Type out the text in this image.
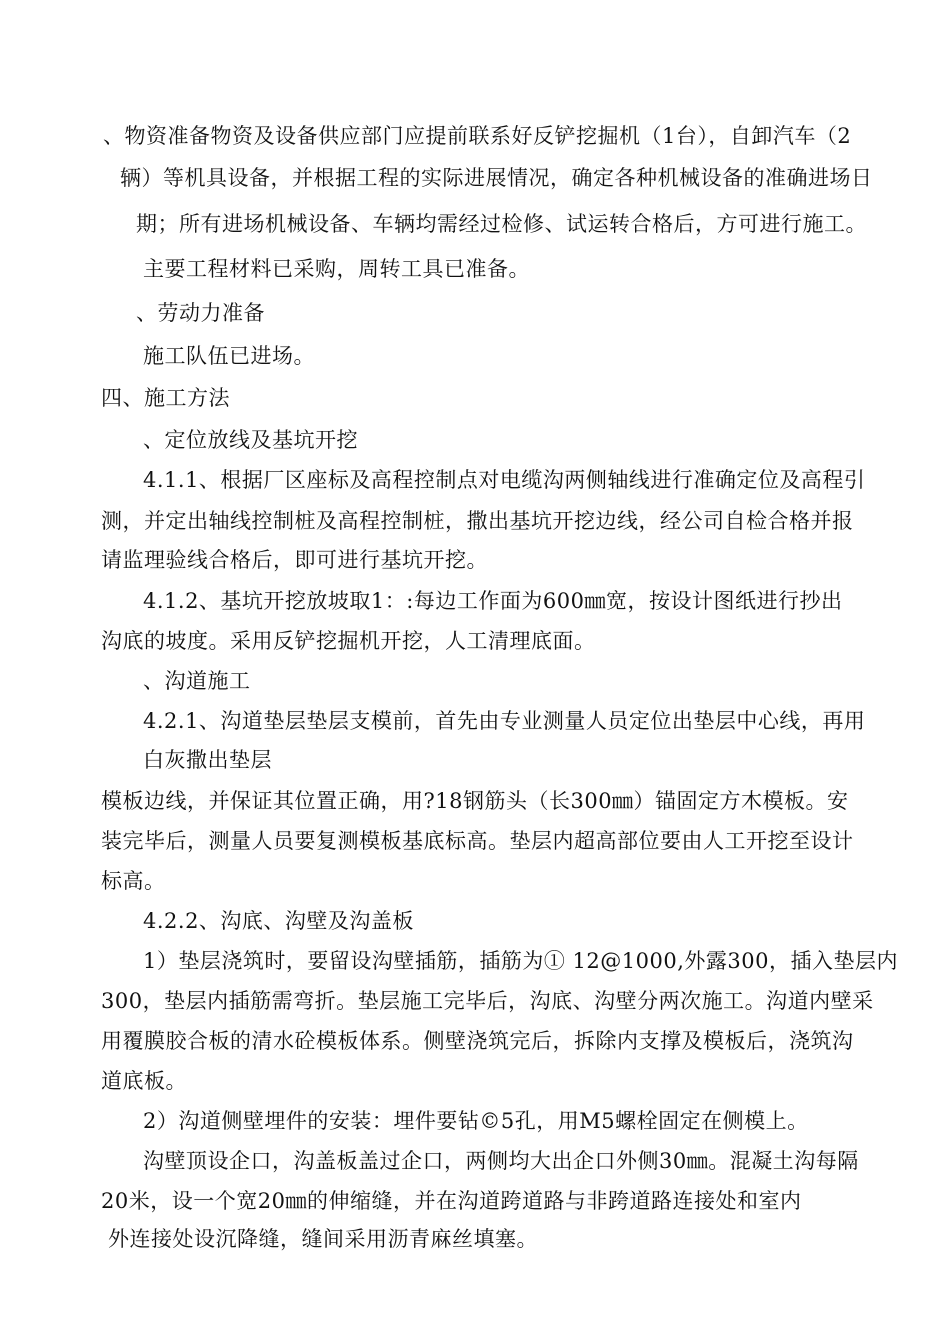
、物资准备物资及设备供应部门应提前联系好反铲挖掘机（1台），自卸汽车（2
辆）等机具设备，并根据工程的实际进展情况，确定各种机械设备的准确进场日
期；所有进场机械设备、车辆均需经过检修、试运转合格后，方可进行施工。
主要工程材料已采购，周转工具已准备。
、劳动力准备
施工队伍已进场。
四、施工方法
、定位放线及基坑开挖
4.1.1、根据厂区座标及高程控制点对电缆沟两侧轴线进行准确定位及高程引
测，并定出轴线控制桩及高程控制桩，撒出基坑开挖边线，经公司自检合格并报
请监理验线合格后，即可进行基坑开挖。
4.1.2、基坑开挖放坡取1：:每边工作面为600㎜宽，按设计图纸进行抄出
沟底的坡度。采用反铲挖掘机开挖，人工清理底面。
、沟道施工
4.2.1、沟道垫层垫层支模前，首先由专业测量人员定位出垫层中心线，再用
白灰撒出垫层
模板边线，并保证其位置正确，用?18钢筋头（长300㎜）锚固定方木模板。安
装完毕后，测量人员要复测模板基底标高。垫层内超高部位要由人工开挖至设计
标高。
4.2.2、沟底、沟壁及沟盖板
1）垫层浇筑时，要留设沟壁插筋，插筋为① 12@1000,外露300，插入垫层内
300，垫层内插筋需弯折。垫层施工完毕后，沟底、沟壁分两次施工。沟道内壁采
用覆膜胶合板的清水砼模板体系。侧壁浇筑完后，拆除内支撑及模板后，浇筑沟
道底板。
2）沟道侧壁埋件的安装：埋件要钻©5孔，用M5螺栓固定在侧模上。
沟壁顶设企口，沟盖板盖过企口，两侧均大出企口外侧30㎜。混凝土沟每隔
20米，设一个宽20㎜的伸缩缝，并在沟道跨道路与非跨道路连接处和室内
外连接处设沉降缝，缝间采用沥青麻丝填塞。
